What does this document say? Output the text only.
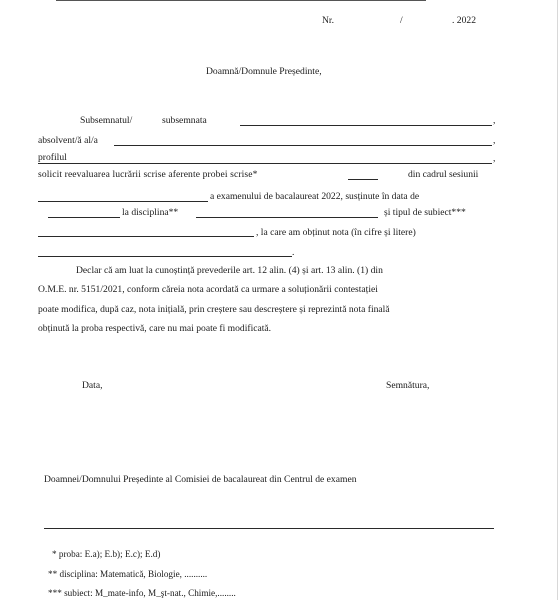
Nr.	/	. 2022
Doamnă/Domnule Președinte,
Subsemnatul/	subsemnata	,
absolvent/ă al/a	,
profilul	,
solicit reevaluarea lucrării scrise aferente probei scrise*	din cadrul sesiunii
a examenului de bacalaureat 2022, susținute în data de
la disciplina**	și tipul de subiect***
, la care am obținut nota (în cifre și litere)
.
Declar că am luat la cunoștință prevederile art. 12 alin. (4) și art. 13 alin. (1) din
O.M.E. nr. 5151/2021, conform căreia nota acordată ca urmare a soluționării contestației
poate modifica, după caz, nota inițială, prin creștere sau descreștere și reprezintă nota finală
obținută la proba respectivă, care nu mai poate fi modificată.
Data,	Semnătura,
Doamnei/Domnului Președinte al Comisiei de bacalaureat din Centrul de examen
* proba: E.a); E.b); E.c); E.d)
** disciplina: Matematică, Biologie, ..........
*** subiect: M_mate-info, M_şt-nat., Chimie,........
